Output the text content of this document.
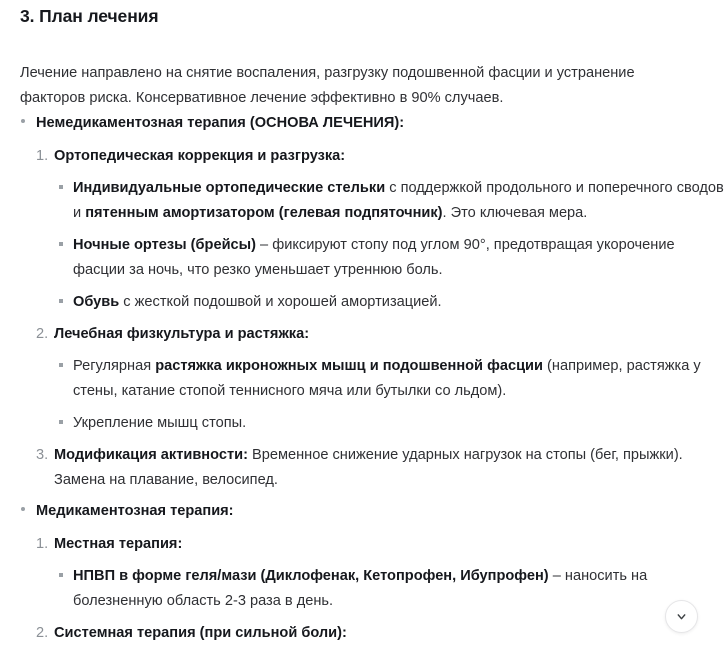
3. План лечения

Лечение направлено на снятие воспаления, разгрузку подошвенной фасции и устранение факторов риска. Консервативное лечение эффективно в 90% случаев.

Немедикаментозная терапия (ОСНОВА ЛЕЧЕНИЯ):
1. Ортопедическая коррекция и разгрузка:
Индивидуальные ортопедические стельки с поддержкой продольного и поперечного сводов и пятенным амортизатором (гелевая подпяточник). Это ключевая мера.
Ночные ортезы (брейсы) – фиксируют стопу под углом 90°, предотвращая укорочение фасции за ночь, что резко уменьшает утреннюю боль.
Обувь с жесткой подошвой и хорошей амортизацией.
2. Лечебная физкультура и растяжка:
Регулярная растяжка икроножных мышц и подошвенной фасции (например, растяжка у стены, катание стопой теннисного мяча или бутылки со льдом).
Укрепление мышц стопы.
3. Модификация активности: Временное снижение ударных нагрузок на стопы (бег, прыжки). Замена на плавание, велосипед.
Медикаментозная терапия:
1. Местная терапия:
НПВП в форме геля/мази (Диклофенак, Кетопрофен, Ибупрофен) – наносить на болезненную область 2-3 раза в день.
2. Системная терапия (при сильной боли):
